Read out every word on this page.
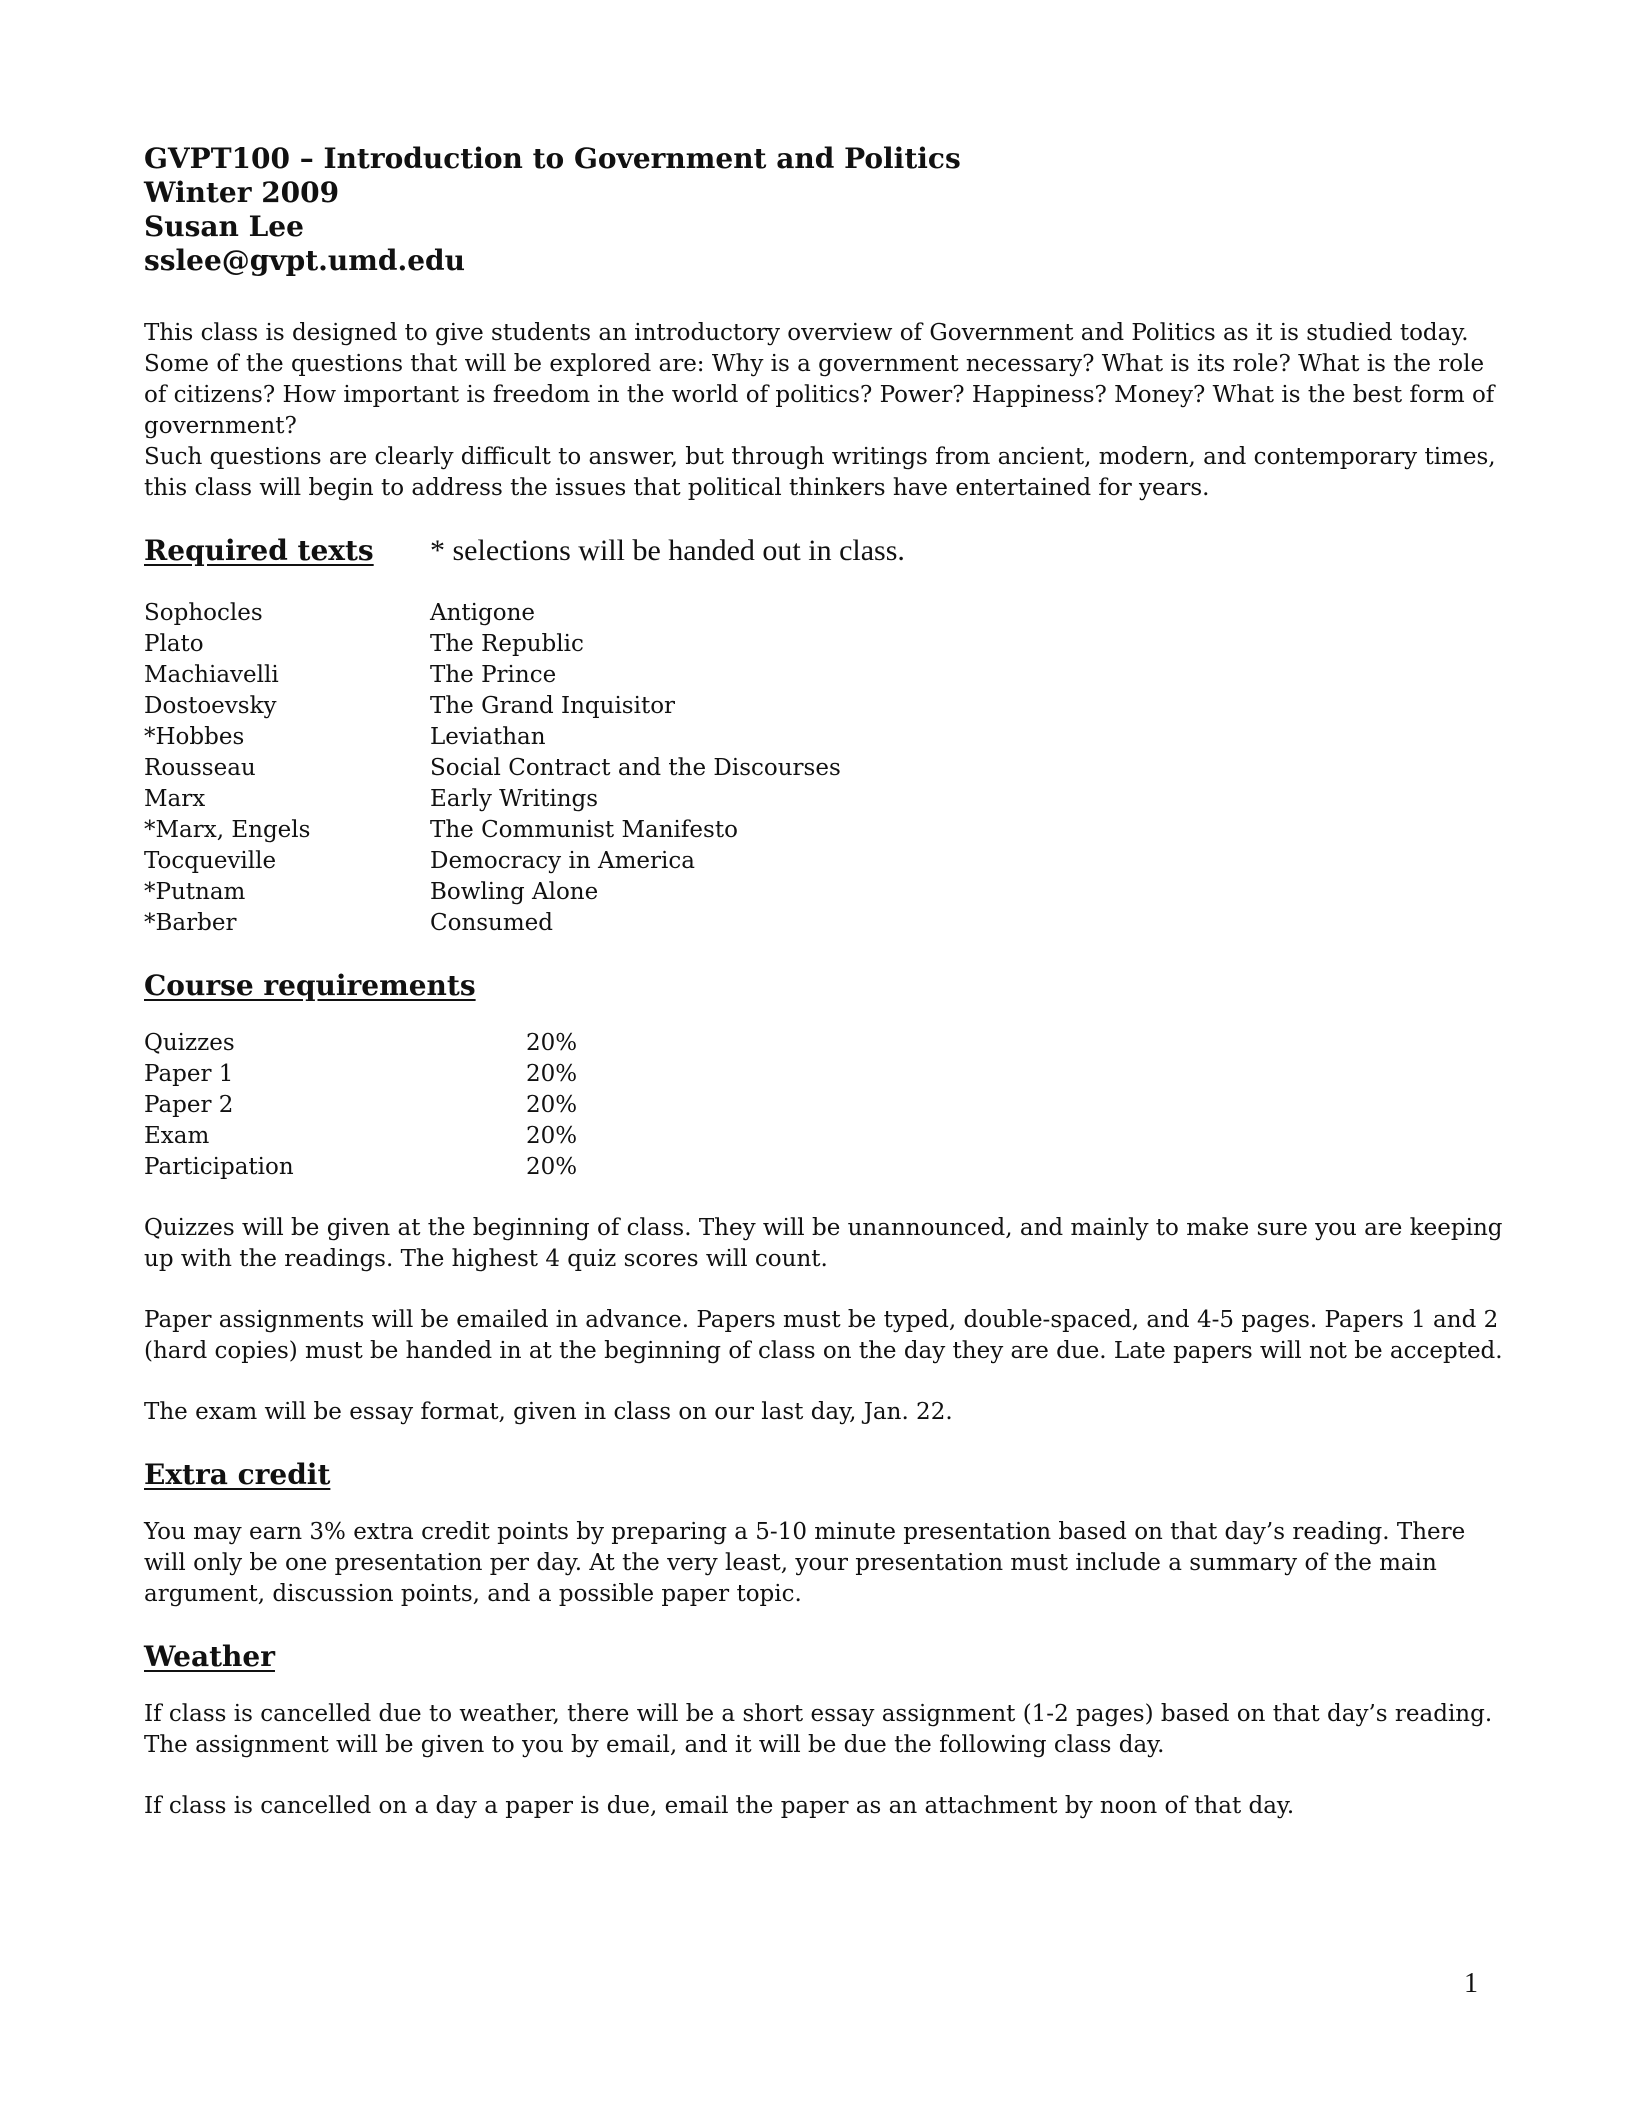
GVPT100 – Introduction to Government and Politics
Winter 2009
Susan Lee
sslee@gvpt.umd.edu

This class is designed to give students an introductory overview of Government and Politics as it is studied today. Some of the questions that will be explored are: Why is a government necessary? What is its role? What is the role of citizens? How important is freedom in the world of politics? Power? Happiness? Money? What is the best form of government?

Such questions are clearly difficult to answer, but through writings from ancient, modern, and contemporary times, this class will begin to address the issues that political thinkers have entertained for years.

Required texts	* selections will be handed out in class.
Sophocles	Antigone
Plato	The Republic
Machiavelli	The Prince
Dostoevsky	The Grand Inquisitor
*Hobbes	Leviathan
Rousseau	Social Contract and the Discourses
Marx	Early Writings
*Marx, Engels	The Communist Manifesto
Tocqueville	Democracy in America
*Putnam	Bowling Alone
*Barber	Consumed
Course requirements
Quizzes	20%
Paper 1	20%
Paper 2	20%
Exam	20%
Participation	20%

Quizzes will be given at the beginning of class. They will be unannounced, and mainly to make sure you are keeping up with the readings. The highest 4 quiz scores will count.

Paper assignments will be emailed in advance. Papers must be typed, double-spaced, and 4-5 pages. Papers 1 and 2 (hard copies) must be handed in at the beginning of class on the day they are due. Late papers will not be accepted.

The exam will be essay format, given in class on our last day, Jan. 22.

Extra credit

You may earn 3% extra credit points by preparing a 5-10 minute presentation based on that day’s reading. There will only be one presentation per day. At the very least, your presentation must include a summary of the main argument, discussion points, and a possible paper topic.

Weather

If class is cancelled due to weather, there will be a short essay assignment (1-2 pages) based on that day’s reading. The assignment will be given to you by email, and it will be due the following class day.

If class is cancelled on a day a paper is due, email the paper as an attachment by noon of that day.

1
